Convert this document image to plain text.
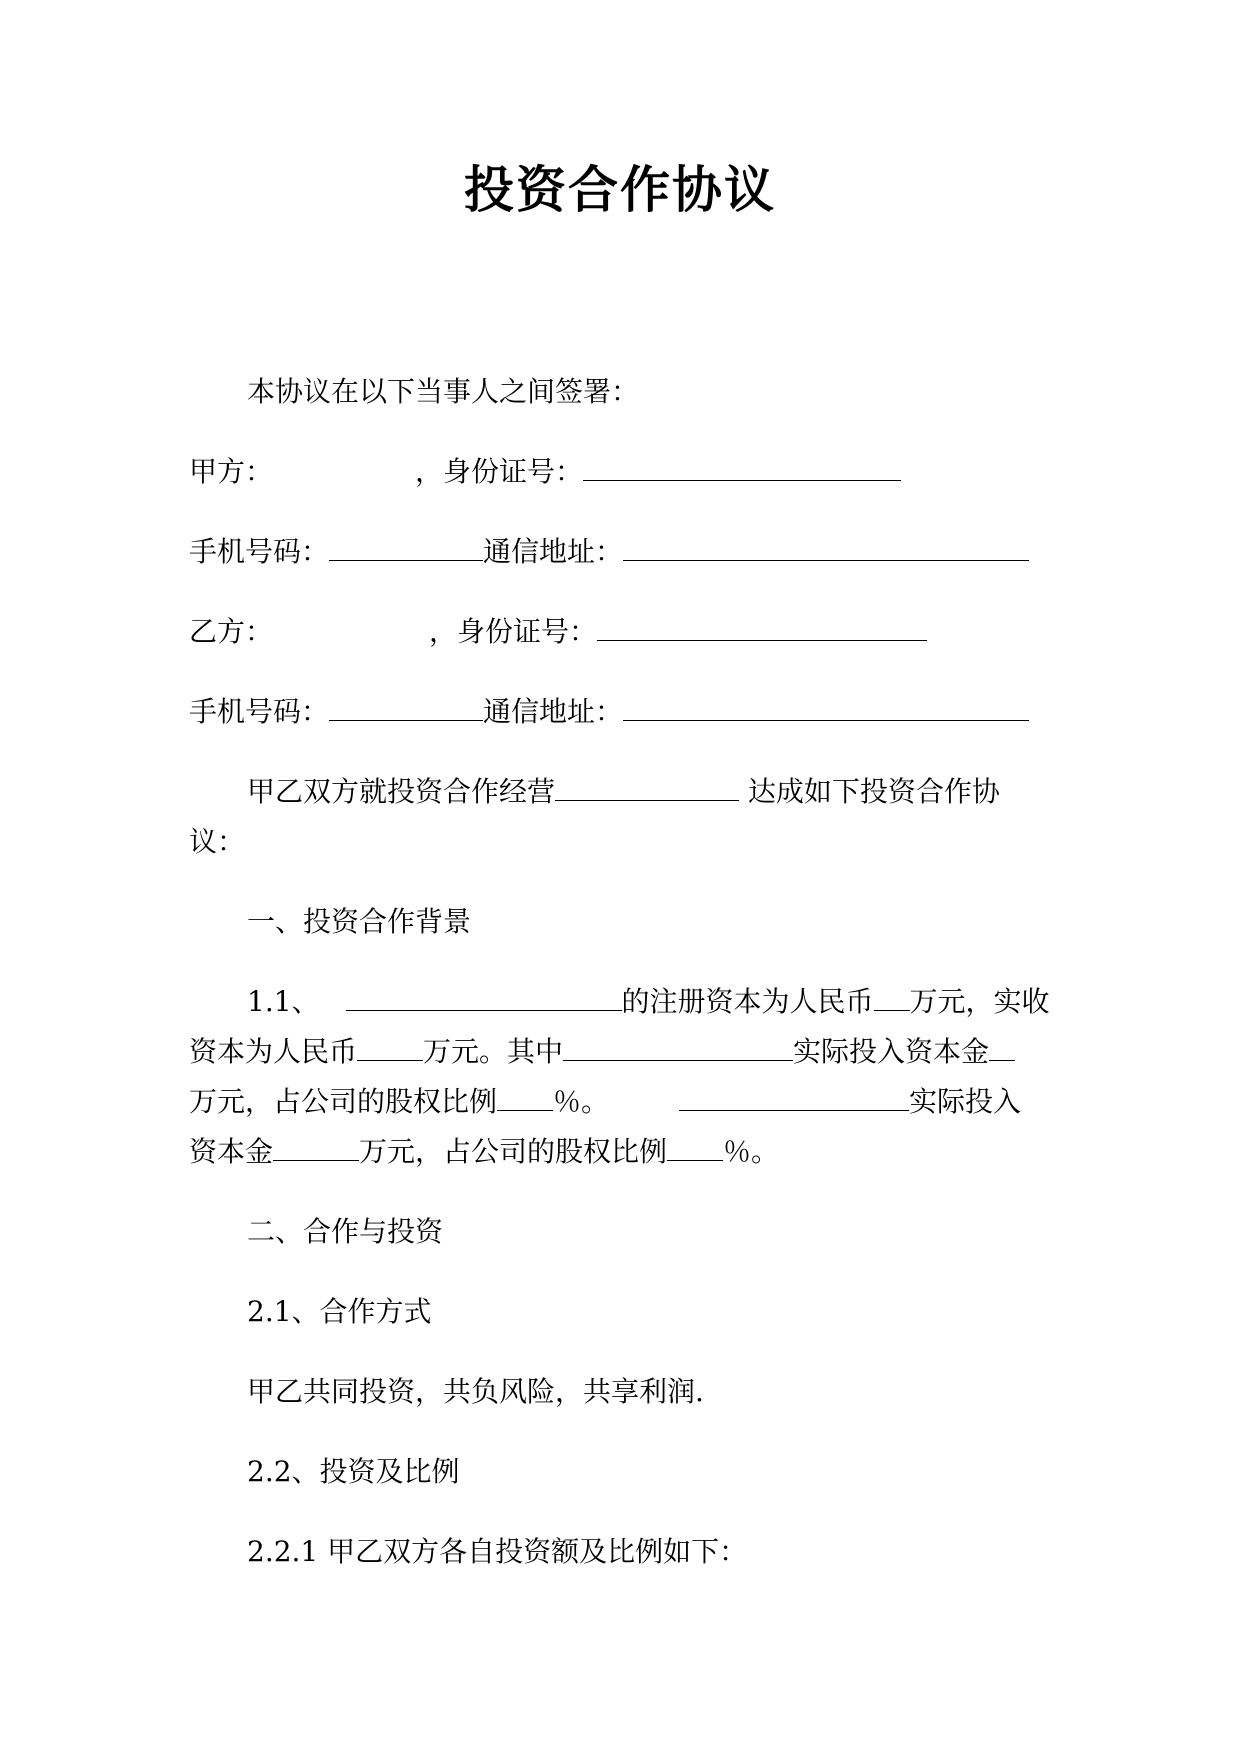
投资合作协议
本协议在以下当事人之间签署：
甲方：	，身份证号：
手机号码：	通信地址：
乙方：	，身份证号：
手机号码：	通信地址：
甲乙双方就投资合作经营	达成如下投资合作协
议：
一、投资合作背景
1.1、	的注册资本为人民币 万元，实收
资本为人民币 万元。其中	实际投入资本金
万元，占公司的股权比例 ％。	实际投入
资本金	万元，占公司的股权比例 ％。
二、合作与投资
2.1、合作方式
甲乙共同投资，共负风险，共享利润.
2.2、投资及比例
2.2.1 甲乙双方各自投资额及比例如下：
